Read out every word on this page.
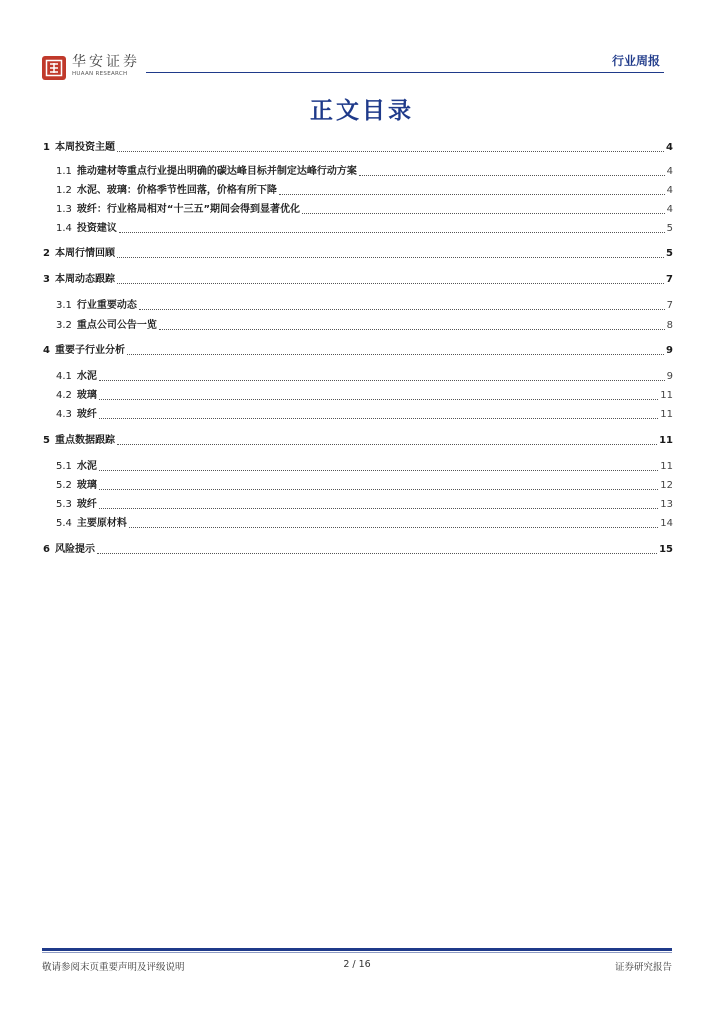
华安证券
HUAAN RESEARCH
行业周报
正文目录
1 本周投资主题	4
1.1 推动建材等重点行业提出明确的碳达峰目标并制定达峰行动方案	4
1.2 水泥、玻璃：价格季节性回落，价格有所下降	4
1.3 玻纤：行业格局相对“十三五”期间会得到显著优化	4
1.4 投资建议	5
2 本周行情回顾	5
3 本周动态跟踪	7
3.1 行业重要动态	7
3.2 重点公司公告一览	8
4 重要子行业分析	9
4.1 水泥	9
4.2 玻璃	11
4.3 玻纤	11
5 重点数据跟踪	11
5.1 水泥	11
5.2 玻璃	12
5.3 玻纤	13
5.4 主要原材料	14
6 风险提示	15
敬请参阅末页重要声明及评级说明	2 / 16	证券研究报告
